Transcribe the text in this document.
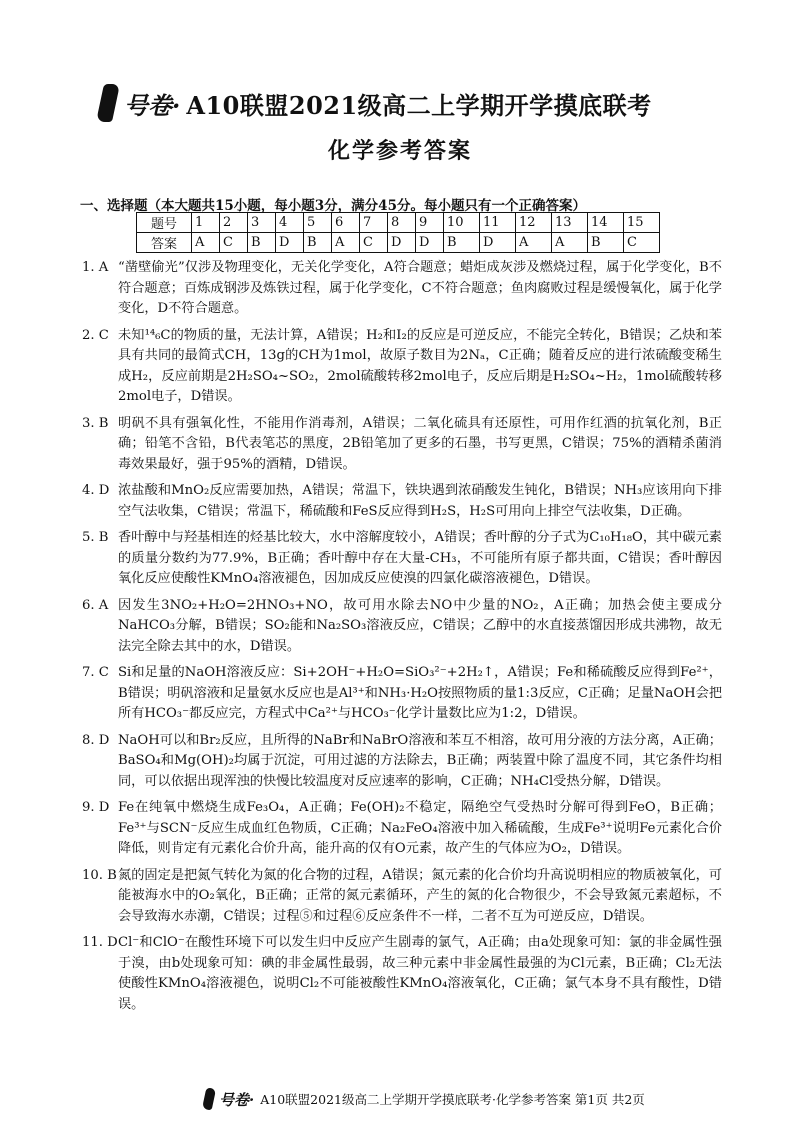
号卷· A10联盟2021级高二上学期开学摸底联考
化学参考答案
一、选择题（本大题共15小题，每小题3分，满分45分。每小题只有一个正确答案）
题号	1	2	3	4	5	6	7	8	9	10	11	12	13	14	15
答案	A	C	B	D	B	A	C	D	D	B	D	A	A	B	C
1. A “凿壁偷光”仅涉及物理变化，无关化学变化，A符合题意；蜡炬成灰涉及燃烧过程，属于化学变化，B不符合题意；百炼成钢涉及炼铁过程，属于化学变化，C不符合题意；鱼肉腐败过程是缓慢氧化，属于化学变化，D不符合题意。
2. C 未知¹⁴₆C的物质的量，无法计算，A错误；H₂和I₂的反应是可逆反应，不能完全转化，B错误；乙炔和苯具有共同的最简式CH，13g的CH为1mol，故原子数目为2Nₐ，C正确；随着反应的进行浓硫酸变稀生成H₂，反应前期是2H₂SO₄~SO₂，2mol硫酸转移2mol电子，反应后期是H₂SO₄~H₂，1mol硫酸转移2mol电子，D错误。
3. B 明矾不具有强氧化性，不能用作消毒剂，A错误；二氧化硫具有还原性，可用作红酒的抗氧化剂，B正确；铅笔不含铅，B代表笔芯的黑度，2B铅笔加了更多的石墨，书写更黑，C错误；75%的酒精杀菌消毒效果最好，强于95%的酒精，D错误。
4. D 浓盐酸和MnO₂反应需要加热，A错误；常温下，铁块遇到浓硝酸发生钝化，B错误；NH₃应该用向下排空气法收集，C错误；常温下，稀硫酸和FeS反应得到H₂S，H₂S可用向上排空气法收集，D正确。
5. B 香叶醇中与羟基相连的烃基比较大，水中溶解度较小，A错误；香叶醇的分子式为C₁₀H₁₈O，其中碳元素的质量分数约为77.9%，B正确；香叶醇中存在大量-CH₃，不可能所有原子都共面，C错误；香叶醇因氧化反应使酸性KMnO₄溶液褪色，因加成反应使溴的四氯化碳溶液褪色，D错误。
6. A 因发生3NO₂+H₂O=2HNO₃+NO，故可用水除去NO中少量的NO₂，A正确；加热会使主要成分NaHCO₃分解，B错误；SO₂能和Na₂SO₃溶液反应，C错误；乙醇中的水直接蒸馏因形成共沸物，故无法完全除去其中的水，D错误。
7. C Si和足量的NaOH溶液反应：Si+2OH⁻+H₂O=SiO₃²⁻+2H₂↑，A错误；Fe和稀硫酸反应得到Fe²⁺，B错误；明矾溶液和足量氨水反应也是Al³⁺和NH₃·H₂O按照物质的量1:3反应，C正确；足量NaOH会把所有HCO₃⁻都反应完，方程式中Ca²⁺与HCO₃⁻化学计量数比应为1:2，D错误。
8. D NaOH可以和Br₂反应，且所得的NaBr和NaBrO溶液和苯互不相溶，故可用分液的方法分离，A正确；BaSO₄和Mg(OH)₂均属于沉淀，可用过滤的方法除去，B正确；两装置中除了温度不同，其它条件均相同，可以依据出现浑浊的快慢比较温度对反应速率的影响，C正确；NH₄Cl受热分解，D错误。
9. D Fe在纯氧中燃烧生成Fe₃O₄，A正确；Fe(OH)₂不稳定，隔绝空气受热时分解可得到FeO，B正确；Fe³⁺与SCN⁻反应生成血红色物质，C正确；Na₂FeO₄溶液中加入稀硫酸，生成Fe³⁺说明Fe元素化合价降低，则肯定有元素化合价升高，能升高的仅有O元素，故产生的气体应为O₂，D错误。
10. B 氮的固定是把氮气转化为氮的化合物的过程，A错误；氮元素的化合价均升高说明相应的物质被氧化，可能被海水中的O₂氧化，B正确；正常的氮元素循环，产生的氮的化合物很少，不会导致氮元素超标，不会导致海水赤潮，C错误；过程⑤和过程⑥反应条件不一样，二者不互为可逆反应，D错误。
11. D Cl⁻和ClO⁻在酸性环境下可以发生归中反应产生剧毒的氯气，A正确；由a处现象可知：氯的非金属性强于溴，由b处现象可知：碘的非金属性最弱，故三种元素中非金属性最强的为Cl元素，B正确；Cl₂无法使酸性KMnO₄溶液褪色，说明Cl₂不可能被酸性KMnO₄溶液氧化，C正确；氯气本身不具有酸性，D错误。
号卷· A10联盟2021级高二上学期开学摸底联考·化学参考答案 第1页 共2页
